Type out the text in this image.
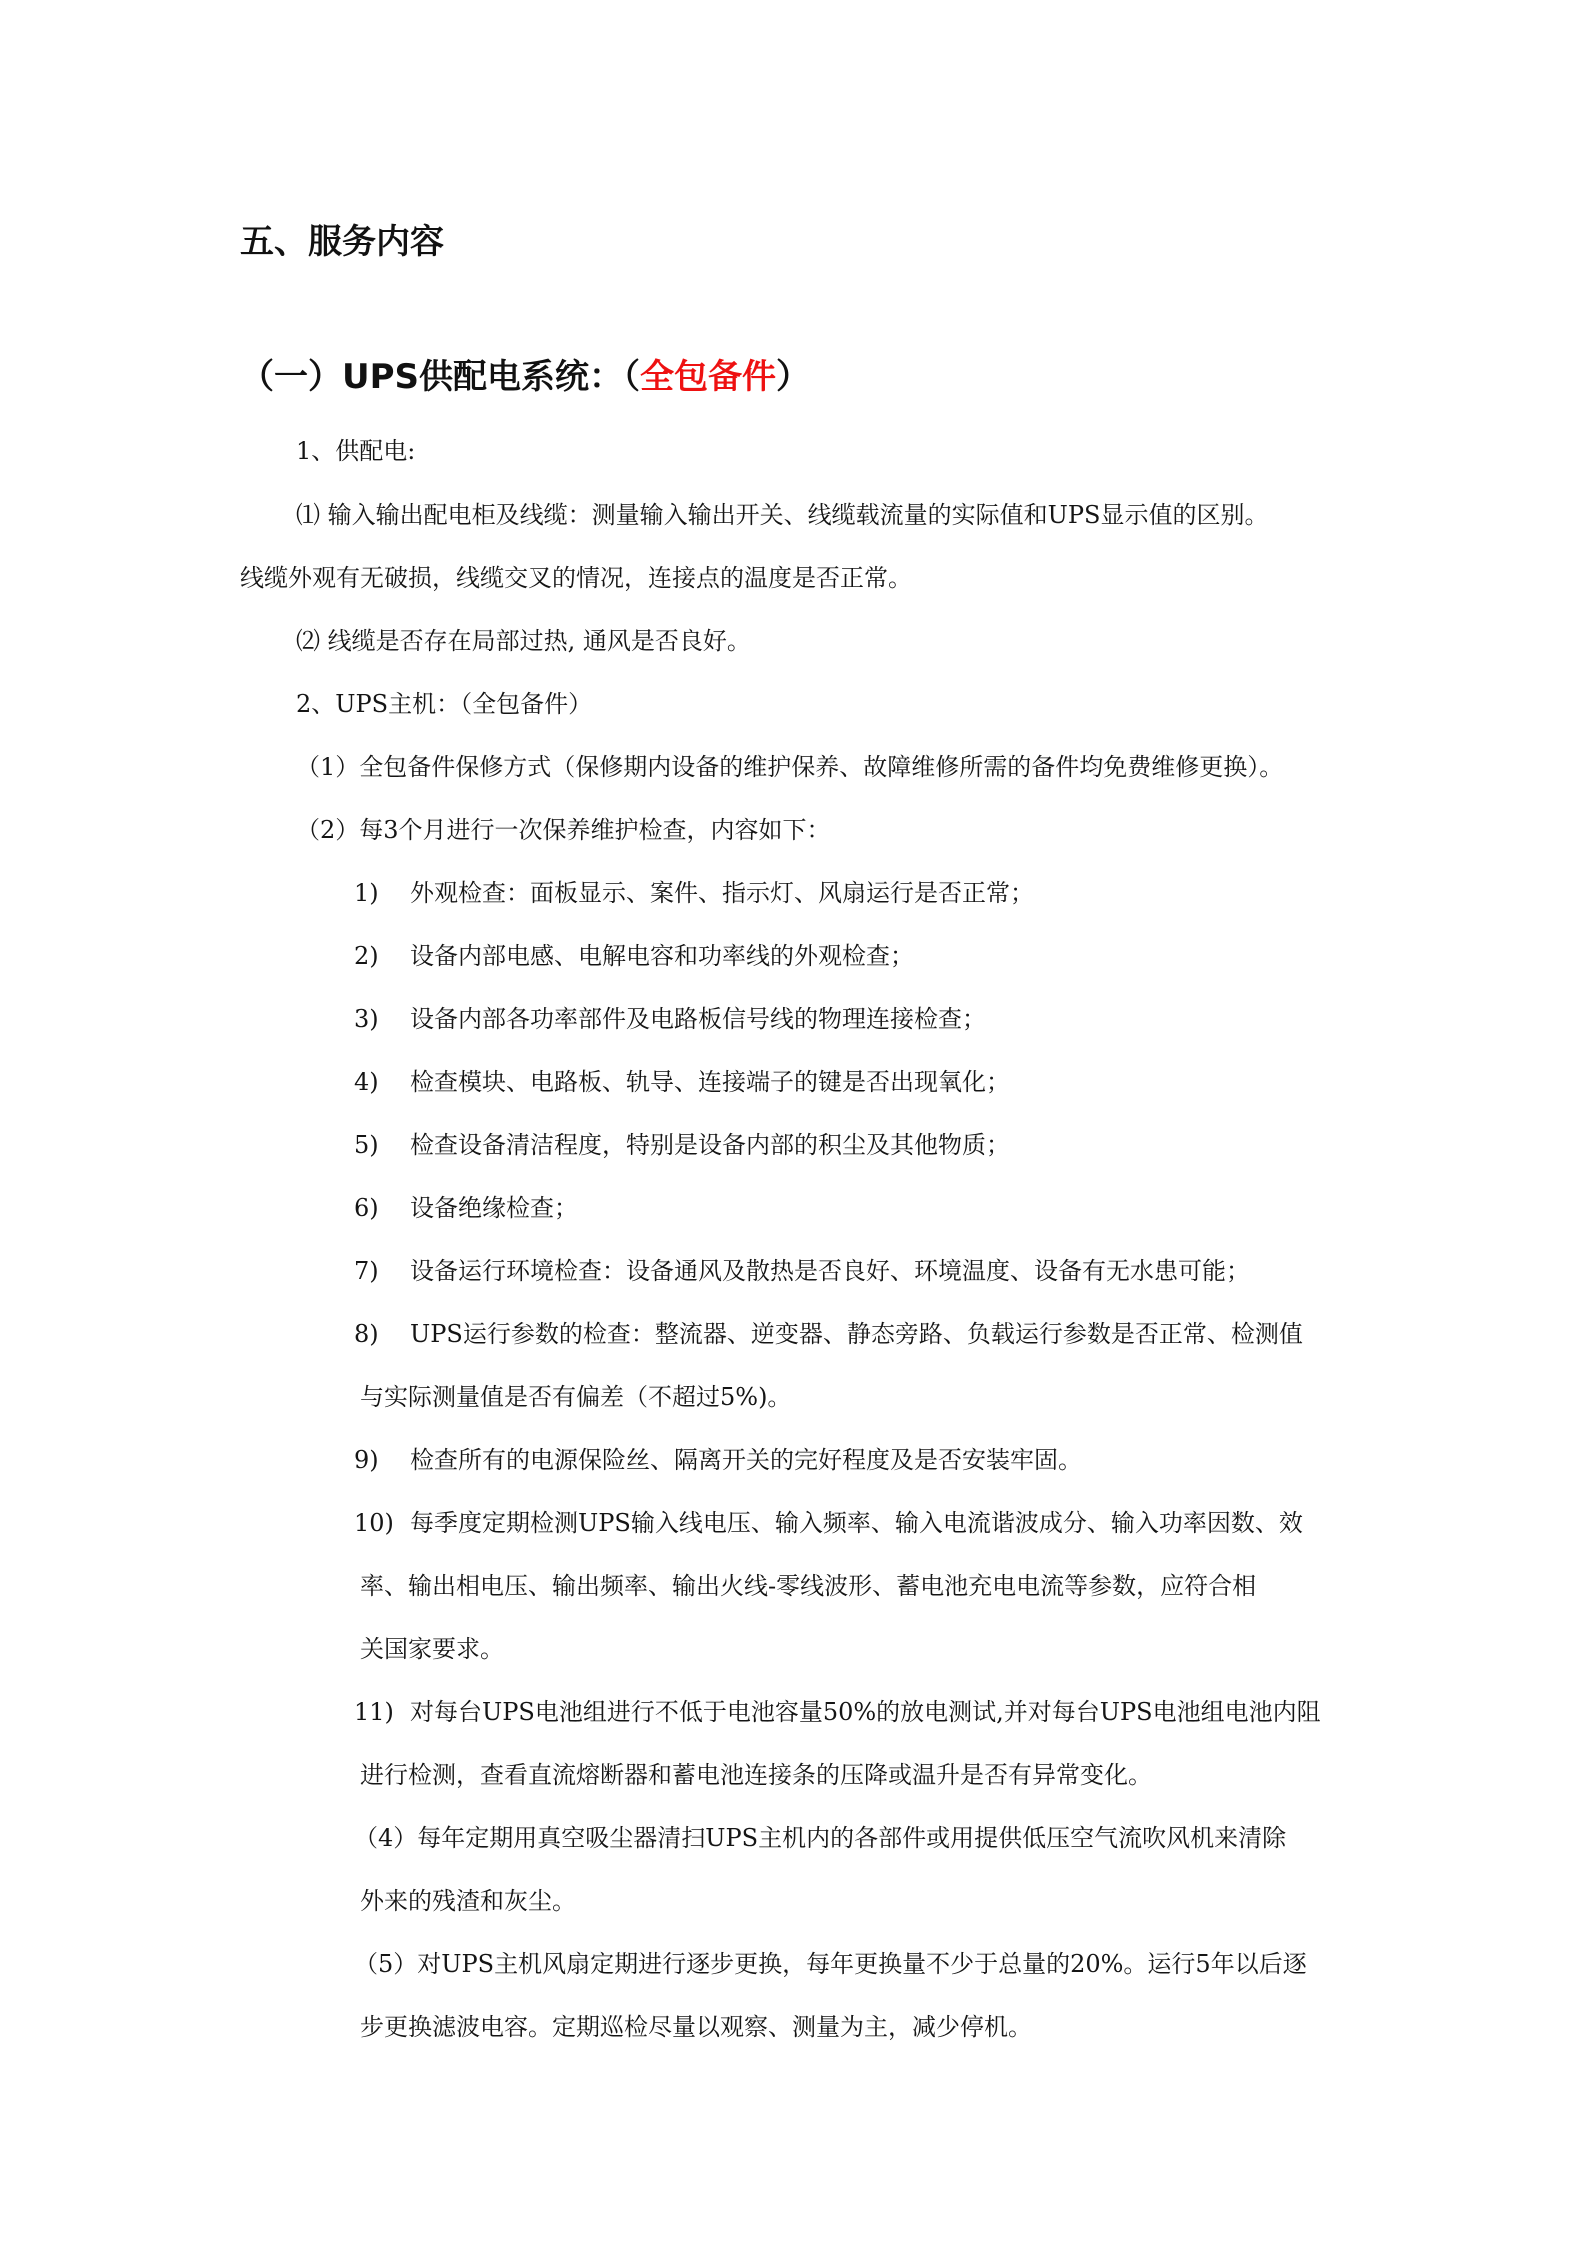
五、服务内容
（一）UPS供配电系统：（全包备件）
1、供配电:
⑴ 输入输出配电柜及线缆：测量输入输出开关、线缆载流量的实际值和UPS显示值的区别。
线缆外观有无破损，线缆交叉的情况，连接点的温度是否正常。
⑵ 线缆是否存在局部过热, 通风是否良好。
2、UPS主机：（全包备件）
（1）全包备件保修方式（保修期内设备的维护保养、故障维修所需的备件均免费维修更换）。
（2）每3个月进行一次保养维护检查，内容如下：
1) 外观检查：面板显示、案件、指示灯、风扇运行是否正常；
2) 设备内部电感、电解电容和功率线的外观检查；
3) 设备内部各功率部件及电路板信号线的物理连接检查；
4) 检查模块、电路板、轨导、连接端子的键是否出现氧化；
5) 检查设备清洁程度，特别是设备内部的积尘及其他物质；
6) 设备绝缘检查；
7) 设备运行环境检查：设备通风及散热是否良好、环境温度、设备有无水患可能；
8) UPS运行参数的检查：整流器、逆变器、静态旁路、负载运行参数是否正常、检测值
与实际测量值是否有偏差（不超过5%)。
9) 检查所有的电源保险丝、隔离开关的完好程度及是否安装牢固。
10) 每季度定期检测UPS输入线电压、输入频率、输入电流谐波成分、输入功率因数、效
率、输出相电压、输出频率、输出火线-零线波形、蓄电池充电电流等参数，应符合相
关国家要求。
11) 对每台UPS电池组进行不低于电池容量50%的放电测试,并对每台UPS电池组电池内阻
进行检测，查看直流熔断器和蓄电池连接条的压降或温升是否有异常变化。
（4）每年定期用真空吸尘器清扫UPS主机内的各部件或用提供低压空气流吹风机来清除
外来的残渣和灰尘。
（5）对UPS主机风扇定期进行逐步更换，每年更换量不少于总量的20%。运行5年以后逐
步更换滤波电容。定期巡检尽量以观察、测量为主，减少停机。
